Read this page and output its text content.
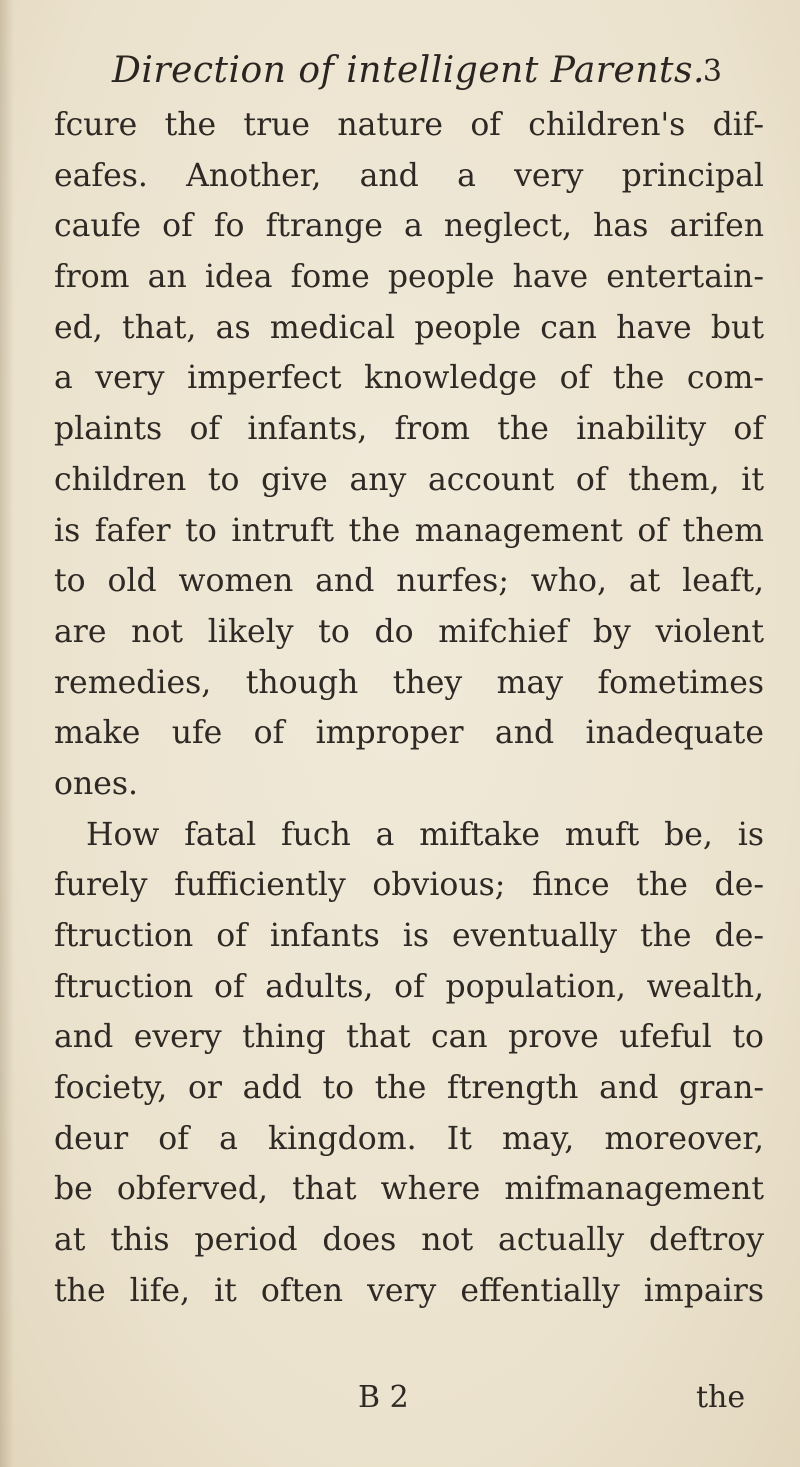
Direction of intelligent Parents.
3
fcure the true nature of children's dif-
eafes. Another, and a very principal
caufe of fo ftrange a neglect, has arifen
from an idea fome people have entertain-
ed, that, as medical people can have but
a very imperfect knowledge of the com-
plaints of infants, from the inability of
children to give any account of them, it
is fafer to intruft the management of them
to old women and nurfes; who, at leaft,
are not likely to do mifchief by violent
remedies, though they may fometimes
make ufe of improper and inadequate
ones.
How fatal fuch a miftake muft be, is
furely fufficiently obvious; fince the de-
ftruction of infants is eventually the de-
ftruction of adults, of population, wealth,
and every thing that can prove ufeful to
fociety, or add to the ftrength and gran-
deur of a kingdom. It may, moreover,
be obferved, that where mifmanagement
at this period does not actually deftroy
the life, it often very effentially impairs
B 2	the
